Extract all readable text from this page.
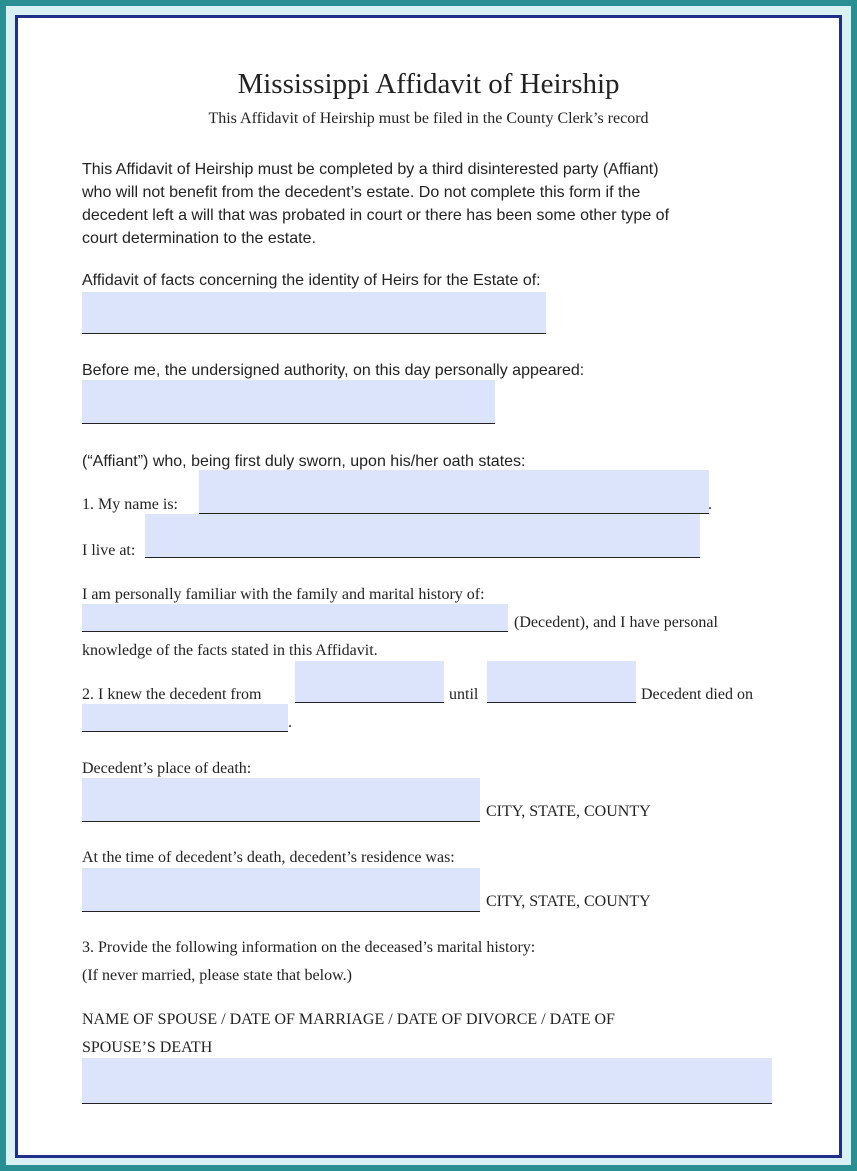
Mississippi Affidavit of Heirship
This Affidavit of Heirship must be filed in the County Clerk’s record
This Affidavit of Heirship must be completed by a third disinterested party (Affiant)
who will not benefit from the decedent’s estate. Do not complete this form if the
decedent left a will that was probated in court or there has been some other type of
court determination to the estate.
Affidavit of facts concerning the identity of Heirs for the Estate of:
Before me, the undersigned authority, on this day personally appeared:
(“Affiant”) who, being first duly sworn, upon his/her oath states:
1. My name is:	.
I live at:
I am personally familiar with the family and marital history of:
(Decedent), and I have personal
knowledge of the facts stated in this Affidavit.
2. I knew the decedent from	until	Decedent died on
.
Decedent’s place of death:
CITY, STATE, COUNTY
At the time of decedent’s death, decedent’s residence was:
CITY, STATE, COUNTY
3. Provide the following information on the deceased’s marital history:
(If never married, please state that below.)
NAME OF SPOUSE / DATE OF MARRIAGE / DATE OF DIVORCE / DATE OF
SPOUSE’S DEATH
